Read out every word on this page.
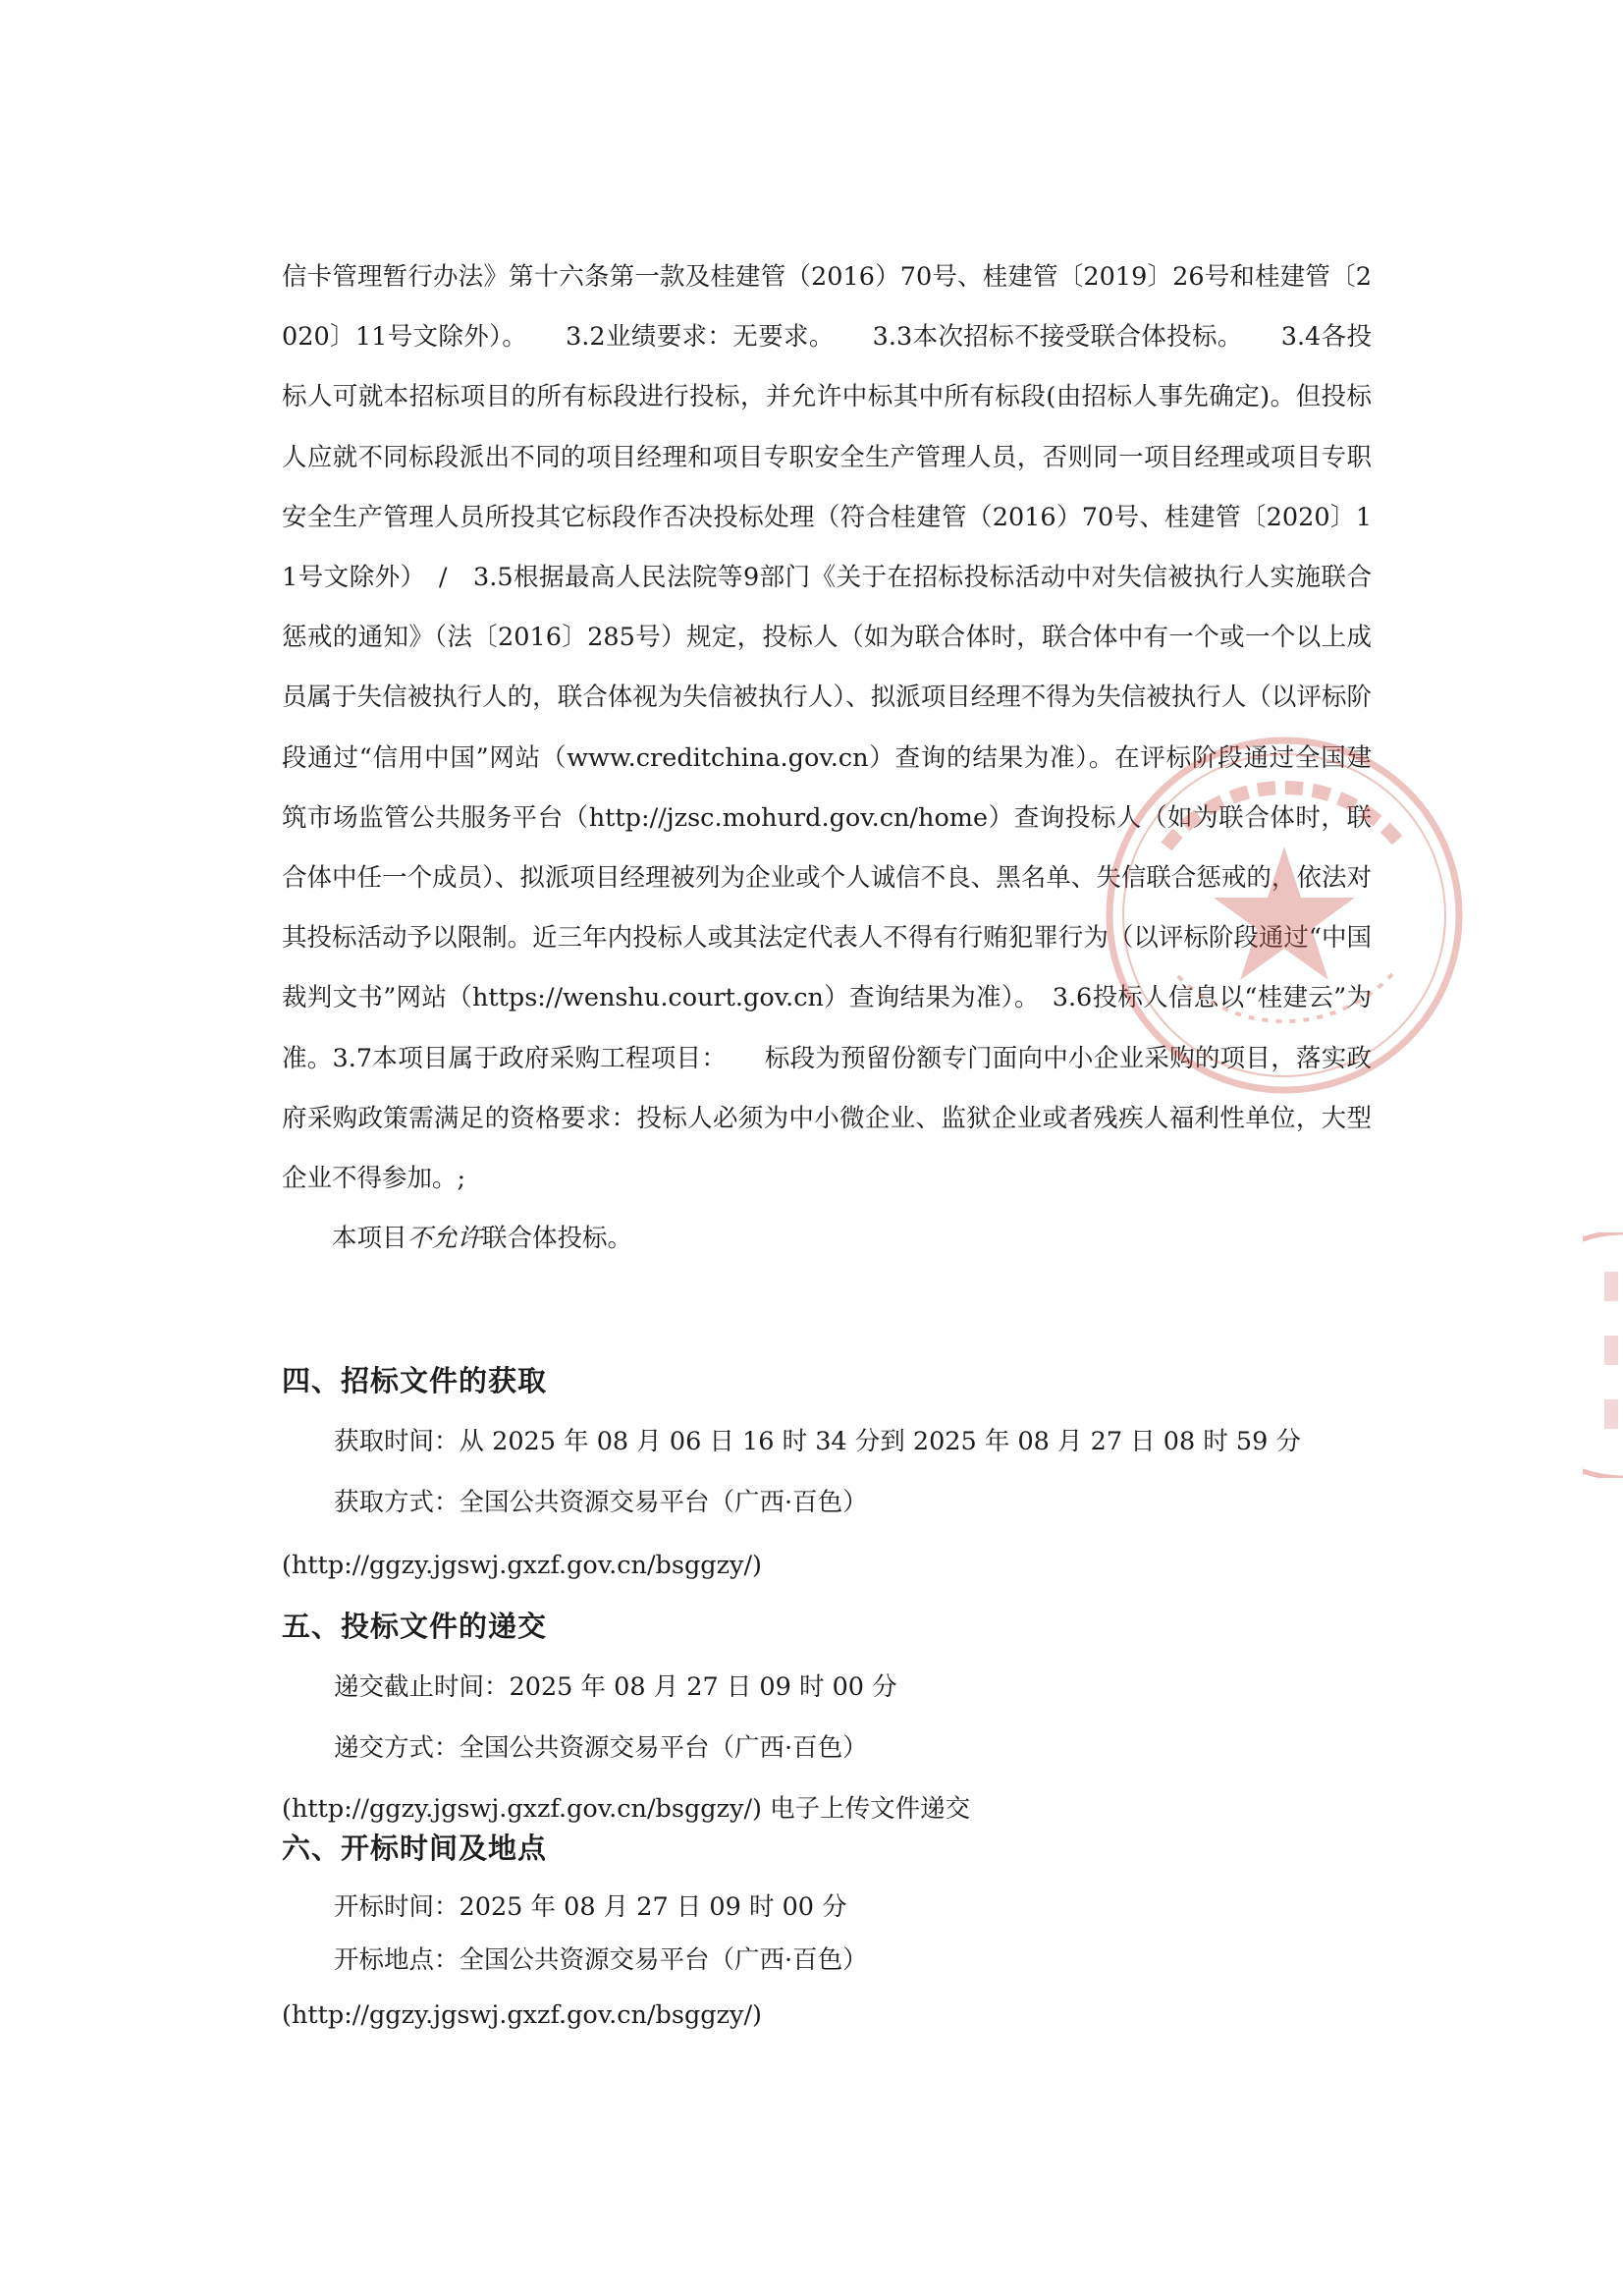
信卡管理暂行办法》第十六条第一款及桂建管（2016）70号、桂建管〔2019〕26号和桂建管〔2020〕11号文除外）。　　3.2业绩要求：无要求。　　3.3本次招标不接受联合体投标。　　3.4各投标人可就本招标项目的所有标段进行投标，并允许中标其中所有标段(由招标人事先确定)。但投标人应就不同标段派出不同的项目经理和项目专职安全生产管理人员，否则同一项目经理或项目专职安全生产管理人员所投其它标段作否决投标处理（符合桂建管（2016）70号、桂建管〔2020〕11号文除外）　/　3.5根据最高人民法院等9部门《关于在招标投标活动中对失信被执行人实施联合惩戒的通知》（法〔2016〕285号）规定，投标人（如为联合体时，联合体中有一个或一个以上成员属于失信被执行人的，联合体视为失信被执行人）、拟派项目经理不得为失信被执行人（以评标阶段通过“信用中国”网站（www.creditchina.gov.cn）查询的结果为准）。在评标阶段通过全国建筑市场监管公共服务平台（http://jzsc.mohurd.gov.cn/home）查询投标人（如为联合体时，联合体中任一个成员）、拟派项目经理被列为企业或个人诚信不良、黑名单、失信联合惩戒的，依法对其投标活动予以限制。近三年内投标人或其法定代表人不得有行贿犯罪行为（以评标阶段通过“中国裁判文书”网站（https://wenshu.court.gov.cn）查询结果为准）。　3.6投标人信息以“桂建云”为准。3.7本项目属于政府采购工程项目：　　标段为预留份额专门面向中小企业采购的项目，落实政府采购政策需满足的资格要求：投标人必须为中小微企业、监狱企业或者残疾人福利性单位，大型企业不得参加。;

本项目不允许联合体投标。

四、招标文件的获取

获取时间：从 2025 年 08 月 06 日 16 时 34 分到 2025 年 08 月 27 日 08 时 59 分

获取方式：全国公共资源交易平台（广西·百色）

(http://ggzy.jgswj.gxzf.gov.cn/bsggzy/)

五、投标文件的递交

递交截止时间：2025 年 08 月 27 日 09 时 00 分

递交方式：全国公共资源交易平台（广西·百色）

(http://ggzy.jgswj.gxzf.gov.cn/bsggzy/) 电子上传文件递交

六、开标时间及地点

开标时间：2025 年 08 月 27 日 09 时 00 分

开标地点：全国公共资源交易平台（广西·百色）

(http://ggzy.jgswj.gxzf.gov.cn/bsggzy/)
